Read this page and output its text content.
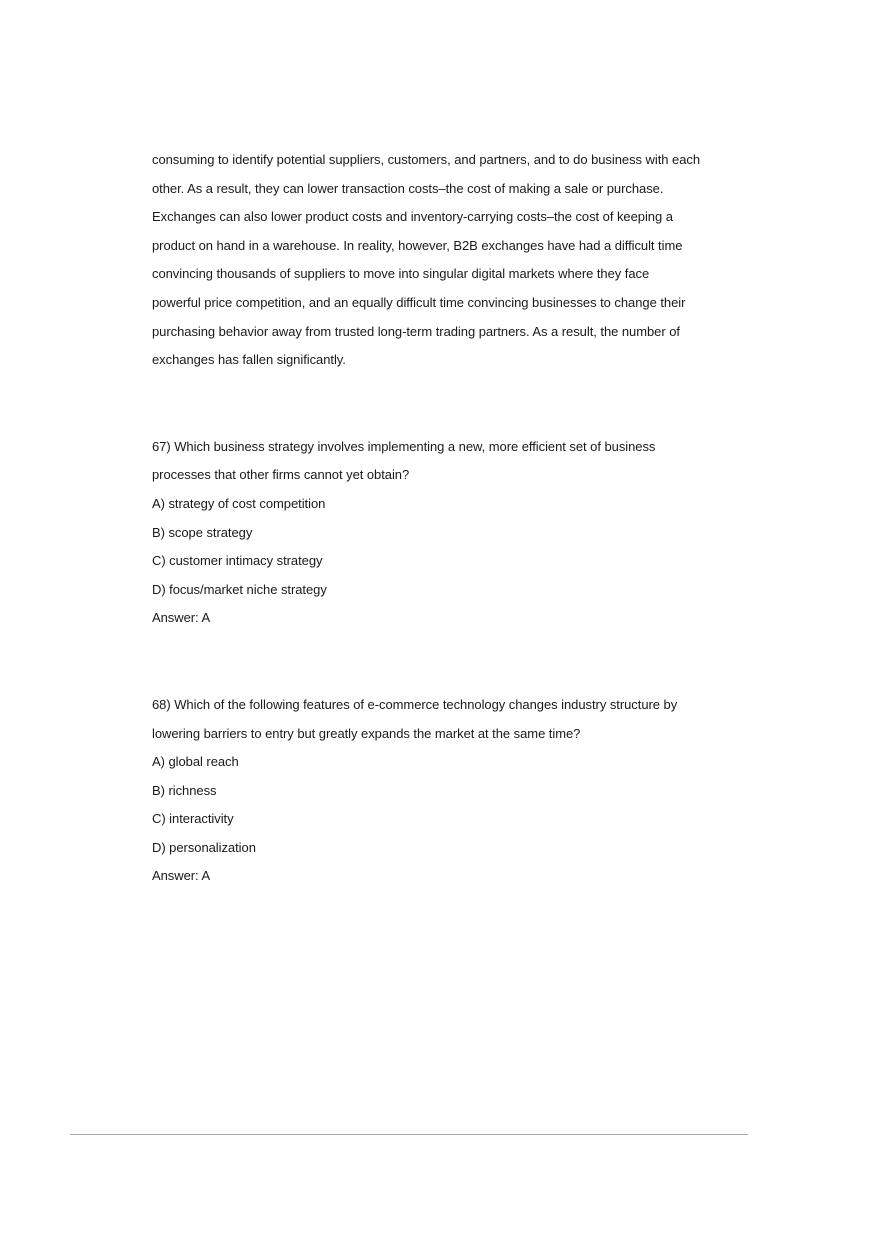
consuming to identify potential suppliers, customers, and partners, and to do business with each
other. As a result, they can lower transaction costs–the cost of making a sale or purchase.
Exchanges can also lower product costs and inventory-carrying costs–the cost of keeping a
product on hand in a warehouse. In reality, however, B2B exchanges have had a difficult time
convincing thousands of suppliers to move into singular digital markets where they face
powerful price competition, and an equally difficult time convincing businesses to change their
purchasing behavior away from trusted long-term trading partners. As a result, the number of
exchanges has fallen significantly.
67) Which business strategy involves implementing a new, more efficient set of business
processes that other firms cannot yet obtain?
A) strategy of cost competition
B) scope strategy
C) customer intimacy strategy
D) focus/market niche strategy
Answer: A
68) Which of the following features of e-commerce technology changes industry structure by
lowering barriers to entry but greatly expands the market at the same time?
A) global reach
B) richness
C) interactivity
D) personalization
Answer: A
